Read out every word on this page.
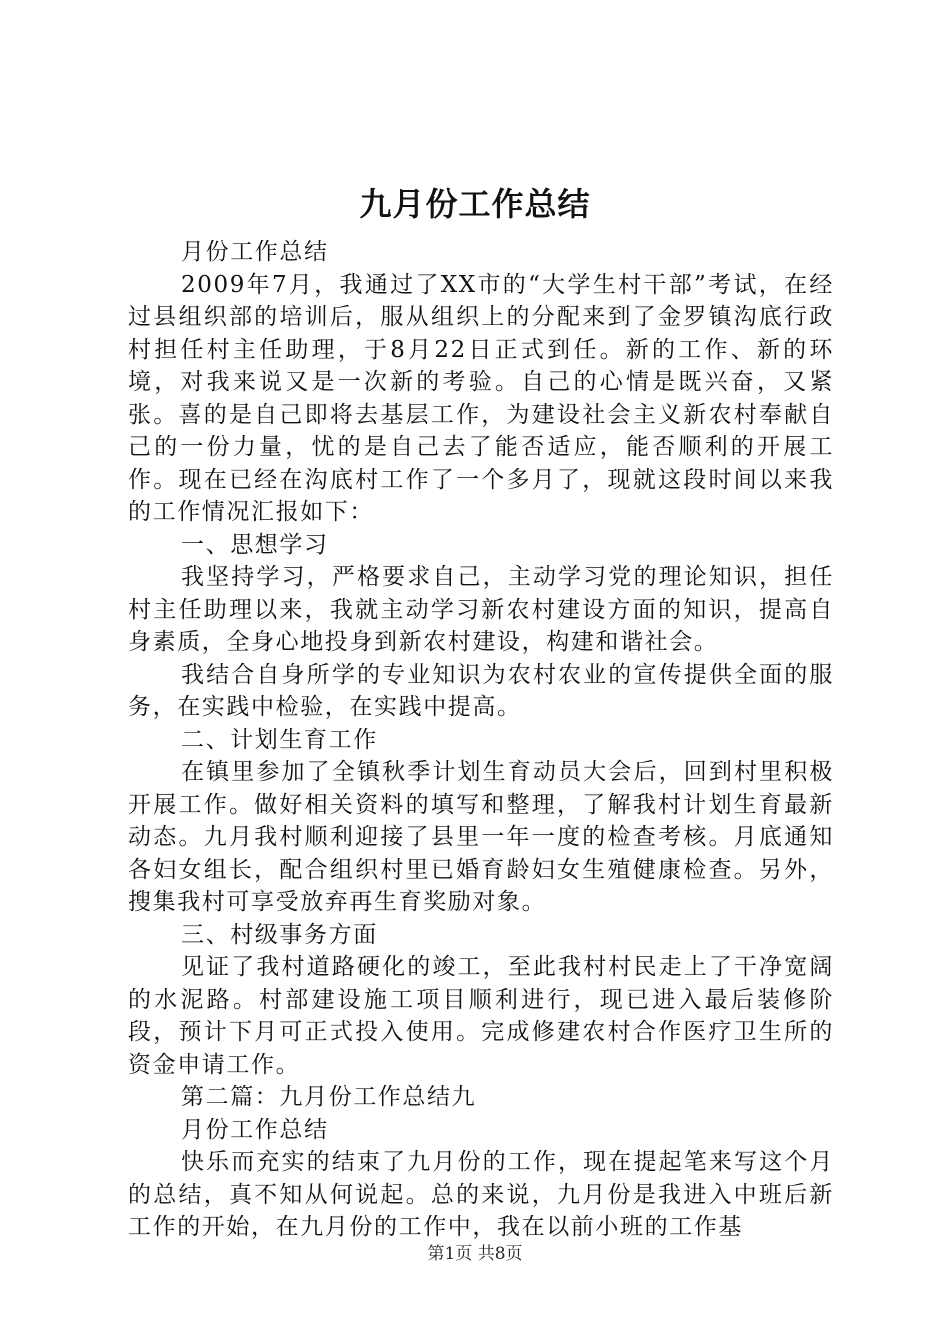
九月份工作总结

月份工作总结

2009年7月，我通过了XX市的“大学生村干部”考试，在经过县组织部的培训后，服从组织上的分配来到了金罗镇沟底行政村担任村主任助理，于8月22日正式到任。新的工作、新的环境，对我来说又是一次新的考验。自己的心情是既兴奋，又紧张。喜的是自己即将去基层工作，为建设社会主义新农村奉献自己的一份力量，忧的是自己去了能否适应，能否顺利的开展工作。现在已经在沟底村工作了一个多月了，现就这段时间以来我的工作情况汇报如下：

一、思想学习

我坚持学习，严格要求自己，主动学习党的理论知识，担任村主任助理以来，我就主动学习新农村建设方面的知识，提高自身素质，全身心地投身到新农村建设，构建和谐社会。

我结合自身所学的专业知识为农村农业的宣传提供全面的服务，在实践中检验，在实践中提高。

二、计划生育工作

在镇里参加了全镇秋季计划生育动员大会后，回到村里积极开展工作。做好相关资料的填写和整理，了解我村计划生育最新动态。九月我村顺利迎接了县里一年一度的检查考核。月底通知各妇女组长，配合组织村里已婚育龄妇女生殖健康检查。另外，搜集我村可享受放弃再生育奖励对象。

三、村级事务方面

见证了我村道路硬化的竣工，至此我村村民走上了干净宽阔的水泥路。村部建设施工项目顺利进行，现已进入最后装修阶段，预计下月可正式投入使用。完成修建农村合作医疗卫生所的资金申请工作。

第二篇：九月份工作总结九

月份工作总结

快乐而充实的结束了九月份的工作，现在提起笔来写这个月的总结，真不知从何说起。总的来说，九月份是我进入中班后新工作的开始，在九月份的工作中，我在以前小班的工作基

第1页 共8页
